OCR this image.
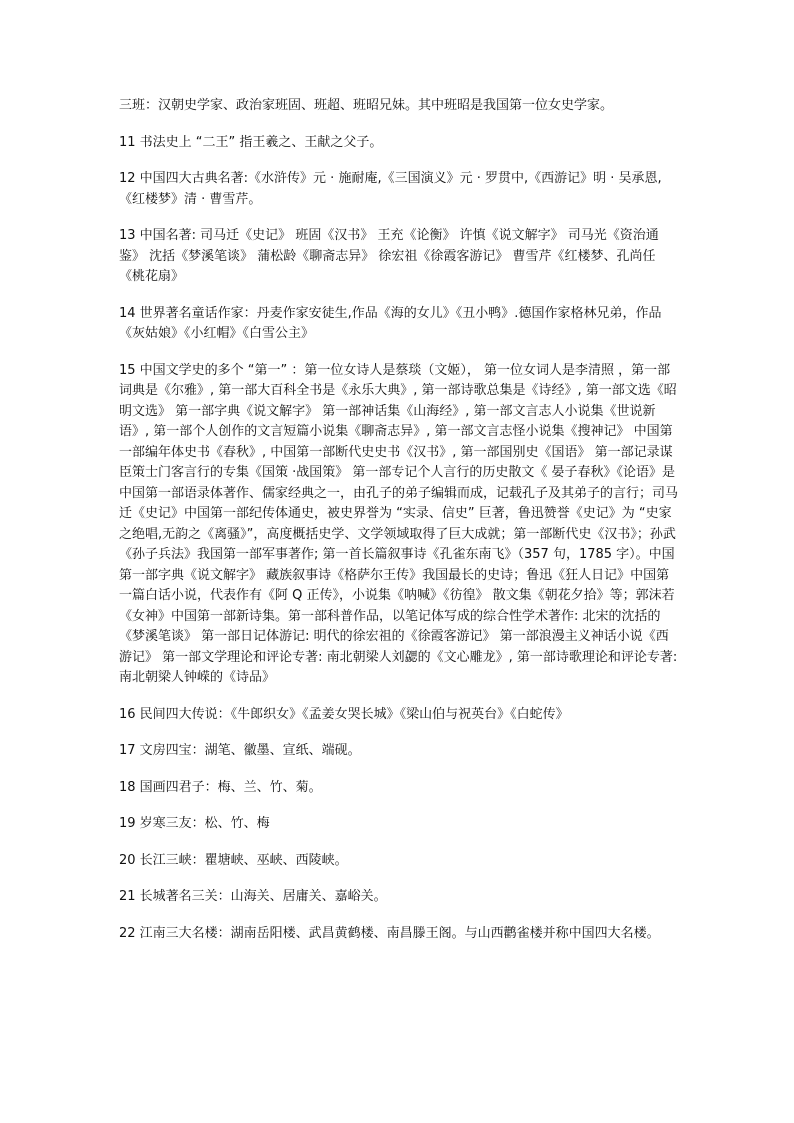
三班：汉朝史学家、政治家班固、班超、班昭兄妹。其中班昭是我国第一位女史学家。

11 书法史上 “二王” 指王羲之、王献之父子。

12 中国四大古典名著:《水浒传》元 · 施耐庵,《三国演义》元 · 罗贯中,《西游记》明 · 吴承恩,《红楼梦》清 · 曹雪芹。

13 中国名著: 司马迁《史记》 班固《汉书》 王充《论衡》 许慎《说文解字》 司马光《资治通鉴》 沈括《梦溪笔谈》 蒲松龄《聊斋志异》 徐宏祖《徐霞客游记》 曹雪芹《红楼梦、孔尚任《桃花扇》

14 世界著名童话作家：丹麦作家安徒生,作品《海的女儿》《丑小鸭》.德国作家格林兄弟，作品《灰姑娘》《小红帽》《白雪公主》

15 中国文学史的多个 “第一” ：第一位女诗人是蔡琰（文姬）， 第一位女词人是李清照 ，第一部词典是《尔雅》, 第一部大百科全书是《永乐大典》, 第一部诗歌总集是《诗经》, 第一部文选《昭明文选》 第一部字典《说文解字》 第一部神话集《山海经》, 第一部文言志人小说集《世说新语》, 第一部个人创作的文言短篇小说集《聊斋志异》, 第一部文言志怪小说集《搜神记》 中国第一部编年体史书《春秋》, 中国第一部断代史史书《汉书》, 第一部国别史《国语》 第一部记录谋臣策士门客言行的专集《国策 ·战国策》 第一部专记个人言行的历史散文《 晏子春秋》《论语》是中国第一部语录体著作、儒家经典之一，由孔子的弟子编辑而成，记载孔子及其弟子的言行；司马迁《史记》中国第一部纪传体通史，被史界誉为 “实录、信史” 巨著，鲁迅赞誉《史记》为 “史家之绝唱,无韵之《离骚》”，高度概括史学、文学领域取得了巨大成就；第一部断代史《汉书》；孙武《孙子兵法》我国第一部军事著作; 第一首长篇叙事诗《孔雀东南飞》（357 句，1785 字）。中国第一部字典《说文解字》 藏族叙事诗《格萨尔王传》我国最长的史诗；鲁迅《狂人日记》中国第一篇白话小说，代表作有《阿 Q 正传》，小说集《呐喊》《彷徨》 散文集《朝花夕拾》等；郭沫若《女神》中国第一部新诗集。第一部科普作品，以笔记体写成的综合性学术著作: 北宋的沈括的《梦溪笔谈》 第一部日记体游记: 明代的徐宏祖的《徐霞客游记》 第一部浪漫主义神话小说《西游记》 第一部文学理论和评论专著: 南北朝梁人刘勰的《文心雕龙》, 第一部诗歌理论和评论专著: 南北朝梁人钟嵘的《诗品》

16 民间四大传说：《牛郎织女》《孟姜女哭长城》《梁山伯与祝英台》《白蛇传》

17 文房四宝：湖笔、徽墨、宣纸、端砚。

18 国画四君子：梅、兰、竹、菊。

19 岁寒三友：松、竹、梅

20 长江三峡：瞿塘峡、巫峡、西陵峡。

21 长城著名三关：山海关、居庸关、嘉峪关。

22 江南三大名楼：湖南岳阳楼、武昌黄鹤楼、南昌滕王阁。与山西鹳雀楼并称中国四大名楼。
